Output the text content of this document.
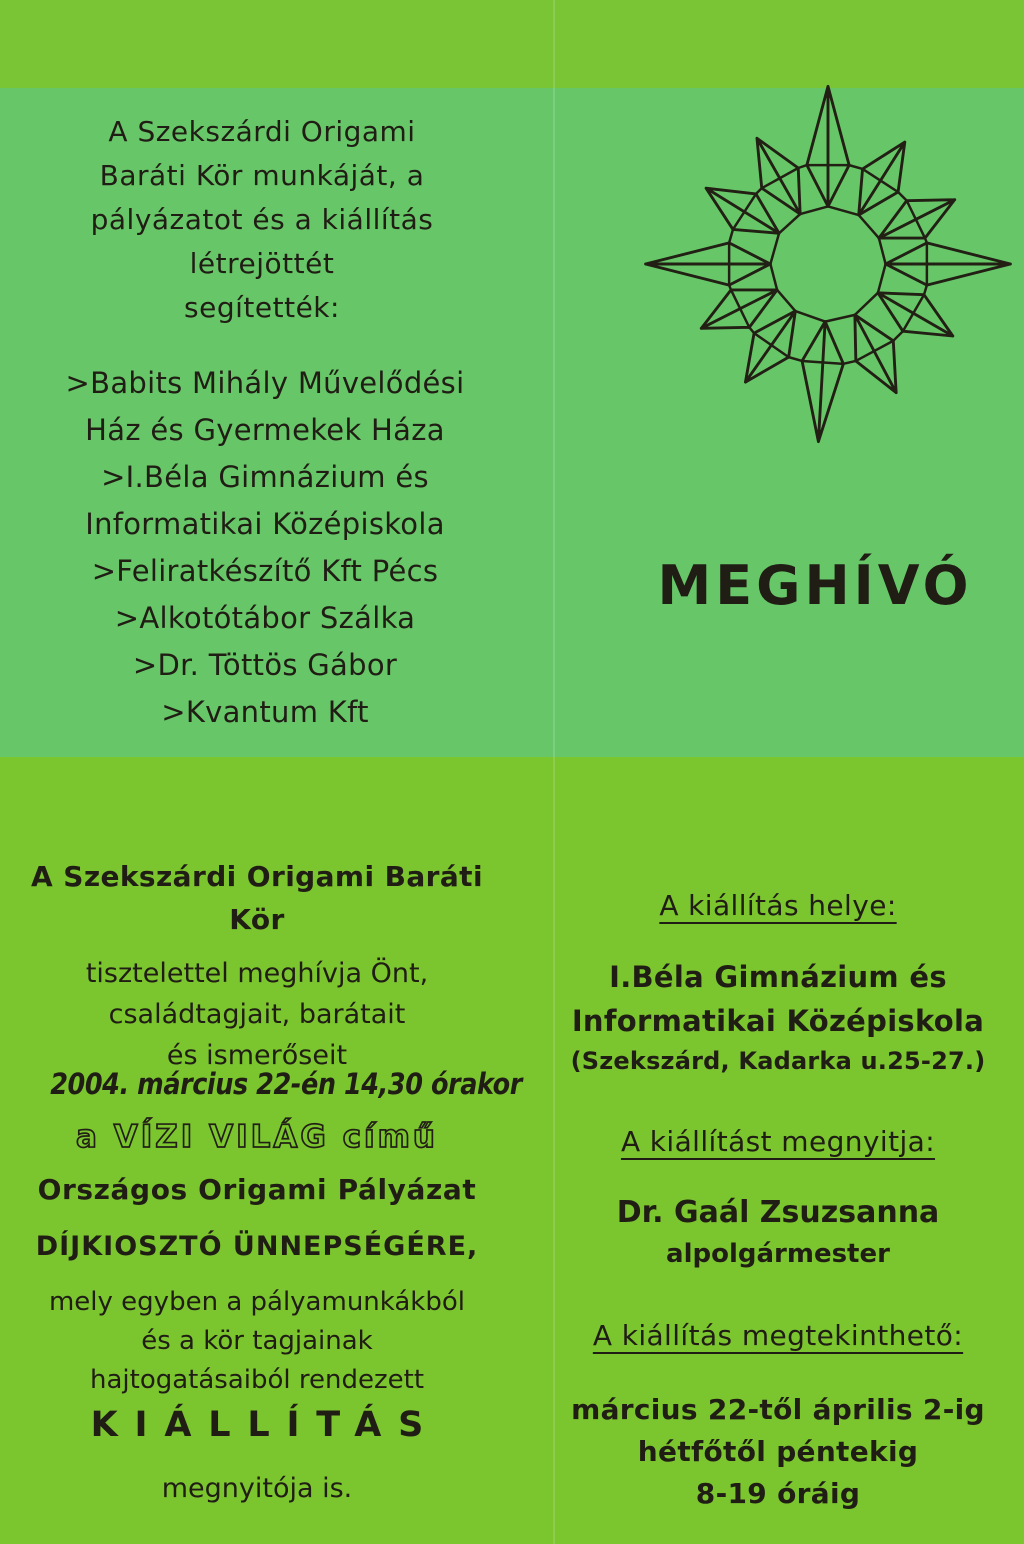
A Szekszárdi Origami
Baráti Kör munkáját, a
pályázatot és a kiállítás
létrejöttét
segítették:
>Babits Mihály Művelődési
Ház és Gyermekek Háza
>I.Béla Gimnázium és
Informatikai Középiskola
>Feliratkészítő Kft Pécs
>Alkotótábor Szálka
>Dr. Töttös Gábor
>Kvantum Kft
MEGHÍVÓ
A Szekszárdi Origami Baráti
Kör
tisztelettel meghívja Önt,
családtagjait, barátait
és ismerőseit
2004. március 22-én 14,30 órakor
a VÍZI VILÁG című
Országos Origami Pályázat
DÍJKIOSZTÓ ÜNNEPSÉGÉRE,
mely egyben a pályamunkákból
és a kör tagjainak
hajtogatásaiból rendezett
KIÁLLÍTÁS
megnyitója is.
A kiállítás helye:
I.Béla Gimnázium és
Informatikai Középiskola
(Szekszárd, Kadarka u.25-27.)
A kiállítást megnyitja:
Dr. Gaál Zsuzsanna
alpolgármester
A kiállítás megtekinthető:
március 22-től április 2-ig
hétfőtől péntekig
8-19 óráig
